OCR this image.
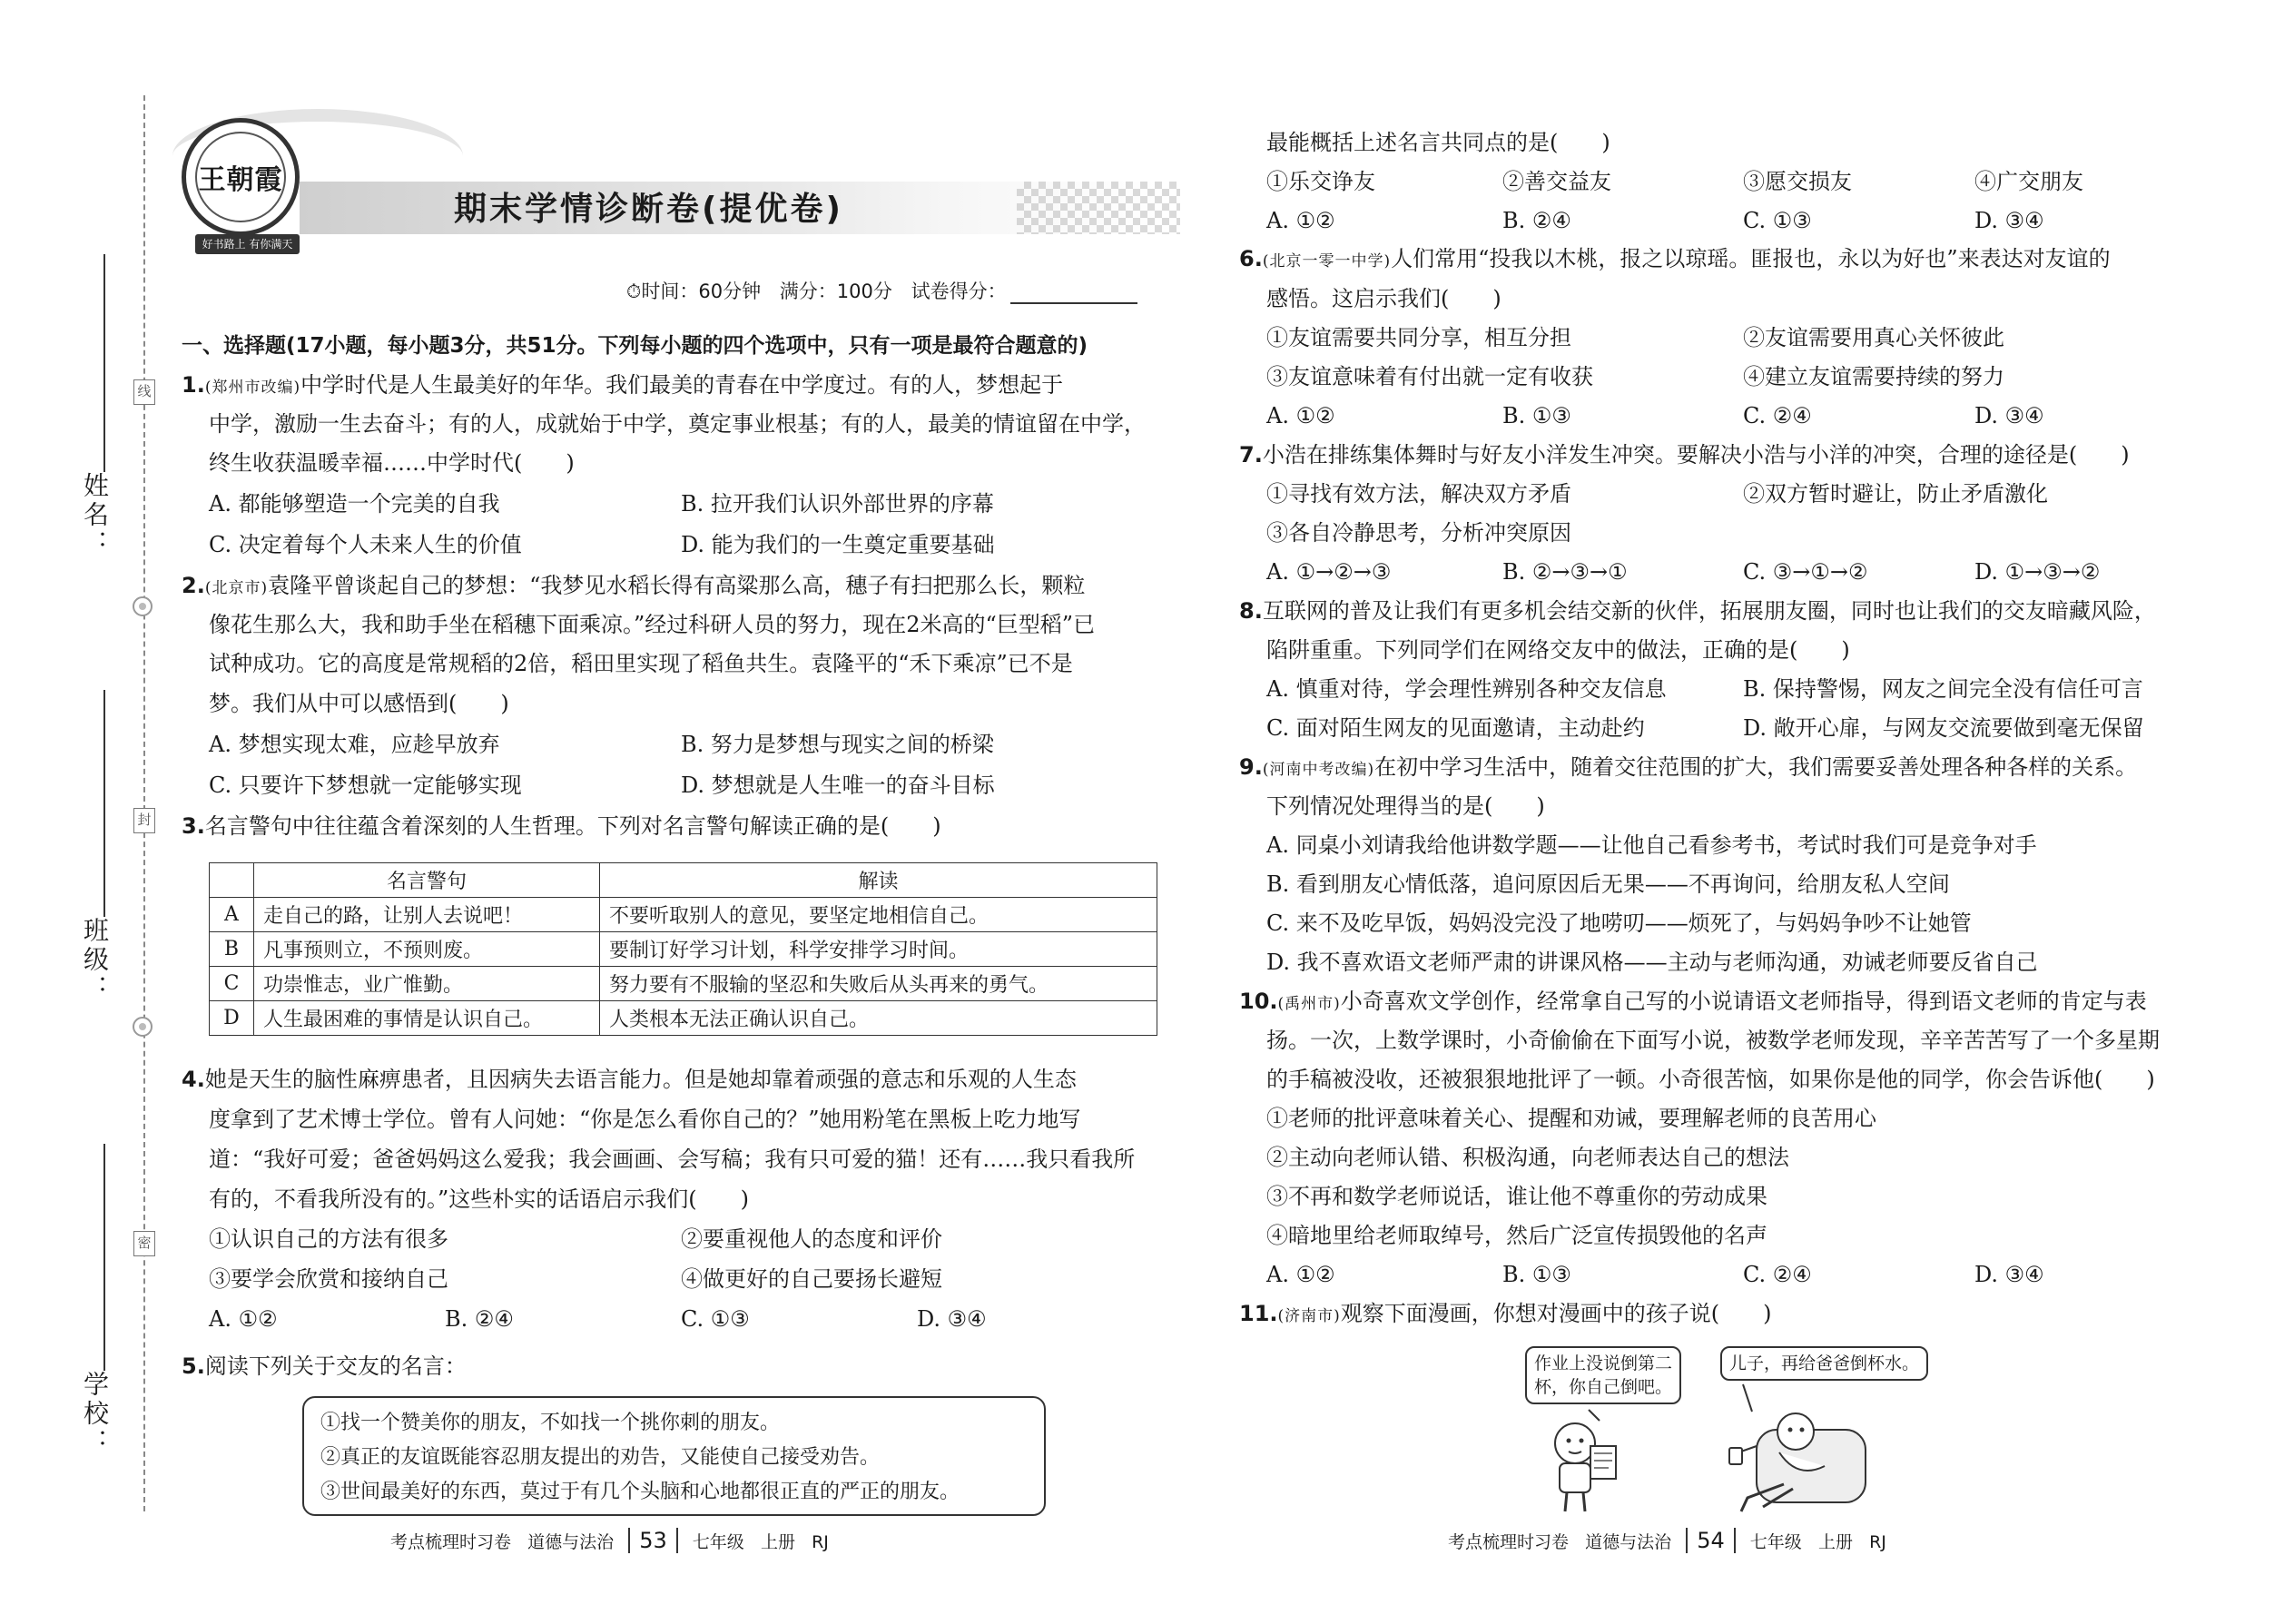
线
封
密
姓名：
班级：
学校：
王朝霞
好书路上 有你满天
期末学情诊断卷(提优卷)
⏱时间：60分钟 满分：100分 试卷得分：
一、选择题(17小题，每小题3分，共51分。下列每小题的四个选项中，只有一项是最符合题意的)
1.(郑州市改编)中学时代是人生最美好的年华。我们最美的青春在中学度过。有的人，梦想起于
中学，激励一生去奋斗；有的人，成就始于中学，奠定事业根基；有的人，最美的情谊留在中学，
终生收获温暖幸福……中学时代(　　)
A. 都能够塑造一个完美的自我	B. 拉开我们认识外部世界的序幕
C. 决定着每个人未来人生的价值	D. 能为我们的一生奠定重要基础
2.(北京市)袁隆平曾谈起自己的梦想：“我梦见水稻长得有高粱那么高，穗子有扫把那么长，颗粒
像花生那么大，我和助手坐在稻穗下面乘凉。”经过科研人员的努力，现在2米高的“巨型稻”已
试种成功。它的高度是常规稻的2倍，稻田里实现了稻鱼共生。袁隆平的“禾下乘凉”已不是
梦。我们从中可以感悟到(　　)
A. 梦想实现太难，应趁早放弃	B. 努力是梦想与现实之间的桥梁
C. 只要许下梦想就一定能够实现	D. 梦想就是人生唯一的奋斗目标
3.名言警句中往往蕴含着深刻的人生哲理。下列对名言警句解读正确的是(　　)
	名言警句	解读
A	走自己的路，让别人去说吧！	不要听取别人的意见，要坚定地相信自己。
B	凡事预则立，不预则废。	要制订好学习计划，科学安排学习时间。
C	功崇惟志，业广惟勤。	努力要有不服输的坚忍和失败后从头再来的勇气。
D	人生最困难的事情是认识自己。	人类根本无法正确认识自己。
4.她是天生的脑性麻痹患者，且因病失去语言能力。但是她却靠着顽强的意志和乐观的人生态
度拿到了艺术博士学位。曾有人问她：“你是怎么看你自己的？”她用粉笔在黑板上吃力地写
道：“我好可爱；爸爸妈妈这么爱我；我会画画、会写稿；我有只可爱的猫！还有……我只看我所
有的，不看我所没有的。”这些朴实的话语启示我们(　　)
①认识自己的方法有很多	②要重视他人的态度和评价
③要学会欣赏和接纳自己	④做更好的自己要扬长避短
A. ①②	B. ②④	C. ①③	D. ③④
5.阅读下列关于交友的名言：
①找一个赞美你的朋友，不如找一个挑你刺的朋友。
②真正的友谊既能容忍朋友提出的劝告，又能使自己接受劝告。
③世间最美好的东西，莫过于有几个头脑和心地都很正直的严正的朋友。
考点梳理时习卷 道德与法治 53 七年级 上册 RJ
最能概括上述名言共同点的是(　　)
①乐交诤友	②善交益友	③愿交损友	④广交朋友
A. ①②	B. ②④	C. ①③	D. ③④
6.(北京一零一中学)人们常用“投我以木桃，报之以琼瑶。匪报也，永以为好也”来表达对友谊的
感悟。这启示我们(　　)
①友谊需要共同分享，相互分担	②友谊需要用真心关怀彼此
③友谊意味着有付出就一定有收获	④建立友谊需要持续的努力
A. ①②	B. ①③	C. ②④	D. ③④
7.小浩在排练集体舞时与好友小洋发生冲突。要解决小浩与小洋的冲突，合理的途径是(　　)
①寻找有效方法，解决双方矛盾	②双方暂时避让，防止矛盾激化
③各自冷静思考，分析冲突原因
A. ①→②→③	B. ②→③→①	C. ③→①→②	D. ①→③→②
8.互联网的普及让我们有更多机会结交新的伙伴，拓展朋友圈，同时也让我们的交友暗藏风险，
陷阱重重。下列同学们在网络交友中的做法，正确的是(　　)
A. 慎重对待，学会理性辨别各种交友信息	B. 保持警惕，网友之间完全没有信任可言
C. 面对陌生网友的见面邀请，主动赴约	D. 敞开心扉，与网友交流要做到毫无保留
9.(河南中考改编)在初中学习生活中，随着交往范围的扩大，我们需要妥善处理各种各样的关系。
下列情况处理得当的是(　　)
A. 同桌小刘请我给他讲数学题——让他自己看参考书，考试时我们可是竞争对手
B. 看到朋友心情低落，追问原因后无果——不再询问，给朋友私人空间
C. 来不及吃早饭，妈妈没完没了地唠叨——烦死了，与妈妈争吵不让她管
D. 我不喜欢语文老师严肃的讲课风格——主动与老师沟通，劝诫老师要反省自己
10.(禹州市)小奇喜欢文学创作，经常拿自己写的小说请语文老师指导，得到语文老师的肯定与表
扬。一次，上数学课时，小奇偷偷在下面写小说，被数学老师发现，辛辛苦苦写了一个多星期
的手稿被没收，还被狠狠地批评了一顿。小奇很苦恼，如果你是他的同学，你会告诉他(　　)
①老师的批评意味着关心、提醒和劝诫，要理解老师的良苦用心
②主动向老师认错、积极沟通，向老师表达自己的想法
③不再和数学老师说话，谁让他不尊重你的劳动成果
④暗地里给老师取绰号，然后广泛宣传损毁他的名声
A. ①②	B. ①③	C. ②④	D. ③④
11.(济南市)观察下面漫画，你想对漫画中的孩子说(　　)
考点梳理时习卷 道德与法治 54 七年级 上册 RJ
作业上没说倒第二
杯，你自己倒吧。
儿子，再给爸爸倒杯水。
